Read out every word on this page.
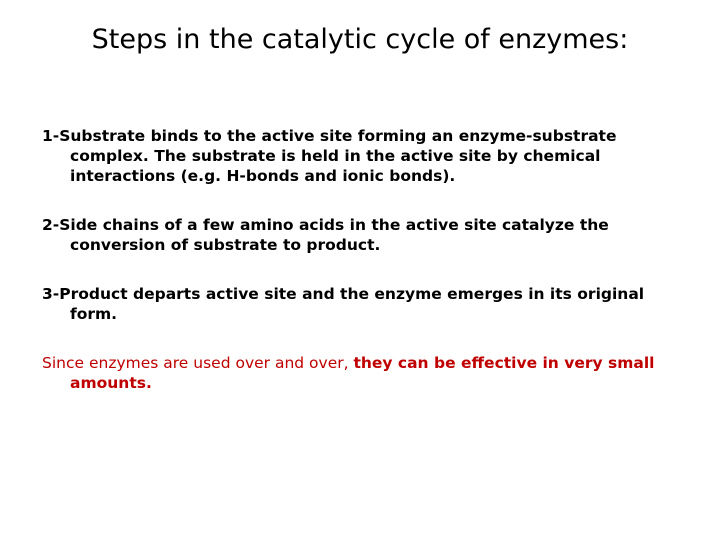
Steps in the catalytic cycle of enzymes:

1-Substrate binds to the active site forming an enzyme-substrate complex. The substrate is held in the active site by chemical interactions (e.g. H-bonds and ionic bonds).

2-Side chains of a few amino acids in the active site catalyze the conversion of substrate to product.

3-Product departs active site and the enzyme emerges in its original form.

Since enzymes are used over and over, they can be effective in very small amounts.
